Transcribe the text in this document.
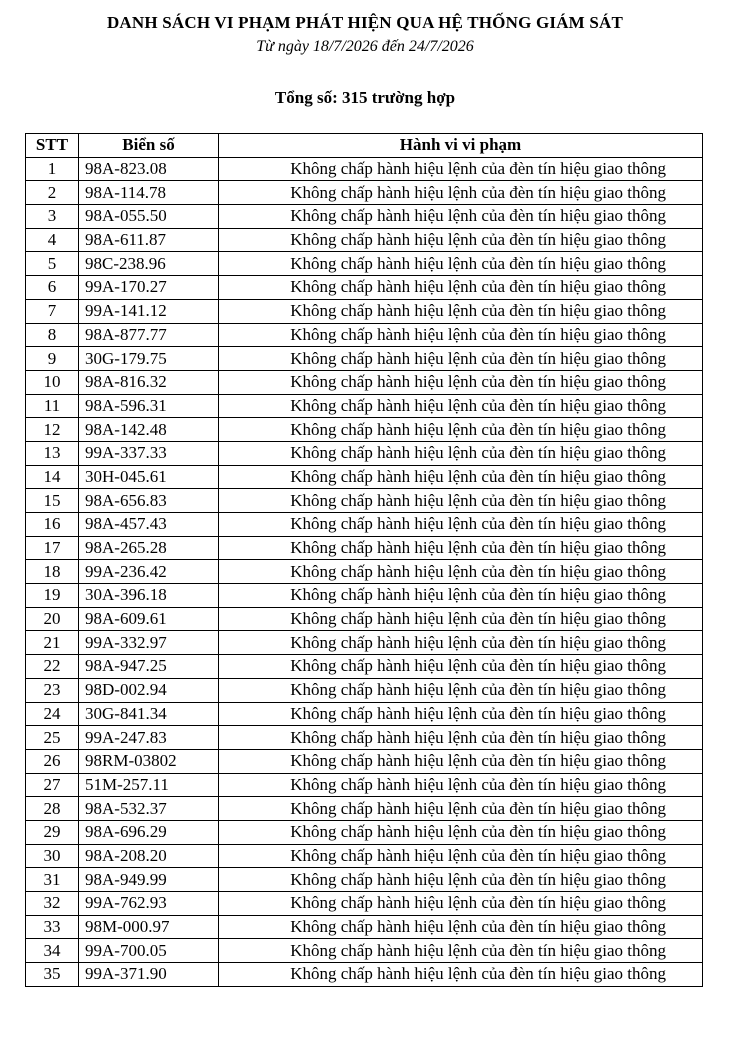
DANH SÁCH VI PHẠM PHÁT HIỆN QUA HỆ THỐNG GIÁM SÁT
Từ ngày 18/7/2026 đến 24/7/2026
Tổng số: 315 trường hợp
STT	Biển số	Hành vi vi phạm
1	98A-823.08	Không chấp hành hiệu lệnh của đèn tín hiệu giao thông
2	98A-114.78	Không chấp hành hiệu lệnh của đèn tín hiệu giao thông
3	98A-055.50	Không chấp hành hiệu lệnh của đèn tín hiệu giao thông
4	98A-611.87	Không chấp hành hiệu lệnh của đèn tín hiệu giao thông
5	98C-238.96	Không chấp hành hiệu lệnh của đèn tín hiệu giao thông
6	99A-170.27	Không chấp hành hiệu lệnh của đèn tín hiệu giao thông
7	99A-141.12	Không chấp hành hiệu lệnh của đèn tín hiệu giao thông
8	98A-877.77	Không chấp hành hiệu lệnh của đèn tín hiệu giao thông
9	30G-179.75	Không chấp hành hiệu lệnh của đèn tín hiệu giao thông
10	98A-816.32	Không chấp hành hiệu lệnh của đèn tín hiệu giao thông
11	98A-596.31	Không chấp hành hiệu lệnh của đèn tín hiệu giao thông
12	98A-142.48	Không chấp hành hiệu lệnh của đèn tín hiệu giao thông
13	99A-337.33	Không chấp hành hiệu lệnh của đèn tín hiệu giao thông
14	30H-045.61	Không chấp hành hiệu lệnh của đèn tín hiệu giao thông
15	98A-656.83	Không chấp hành hiệu lệnh của đèn tín hiệu giao thông
16	98A-457.43	Không chấp hành hiệu lệnh của đèn tín hiệu giao thông
17	98A-265.28	Không chấp hành hiệu lệnh của đèn tín hiệu giao thông
18	99A-236.42	Không chấp hành hiệu lệnh của đèn tín hiệu giao thông
19	30A-396.18	Không chấp hành hiệu lệnh của đèn tín hiệu giao thông
20	98A-609.61	Không chấp hành hiệu lệnh của đèn tín hiệu giao thông
21	99A-332.97	Không chấp hành hiệu lệnh của đèn tín hiệu giao thông
22	98A-947.25	Không chấp hành hiệu lệnh của đèn tín hiệu giao thông
23	98D-002.94	Không chấp hành hiệu lệnh của đèn tín hiệu giao thông
24	30G-841.34	Không chấp hành hiệu lệnh của đèn tín hiệu giao thông
25	99A-247.83	Không chấp hành hiệu lệnh của đèn tín hiệu giao thông
26	98RM-03802	Không chấp hành hiệu lệnh của đèn tín hiệu giao thông
27	51M-257.11	Không chấp hành hiệu lệnh của đèn tín hiệu giao thông
28	98A-532.37	Không chấp hành hiệu lệnh của đèn tín hiệu giao thông
29	98A-696.29	Không chấp hành hiệu lệnh của đèn tín hiệu giao thông
30	98A-208.20	Không chấp hành hiệu lệnh của đèn tín hiệu giao thông
31	98A-949.99	Không chấp hành hiệu lệnh của đèn tín hiệu giao thông
32	99A-762.93	Không chấp hành hiệu lệnh của đèn tín hiệu giao thông
33	98M-000.97	Không chấp hành hiệu lệnh của đèn tín hiệu giao thông
34	99A-700.05	Không chấp hành hiệu lệnh của đèn tín hiệu giao thông
35	99A-371.90	Không chấp hành hiệu lệnh của đèn tín hiệu giao thông
